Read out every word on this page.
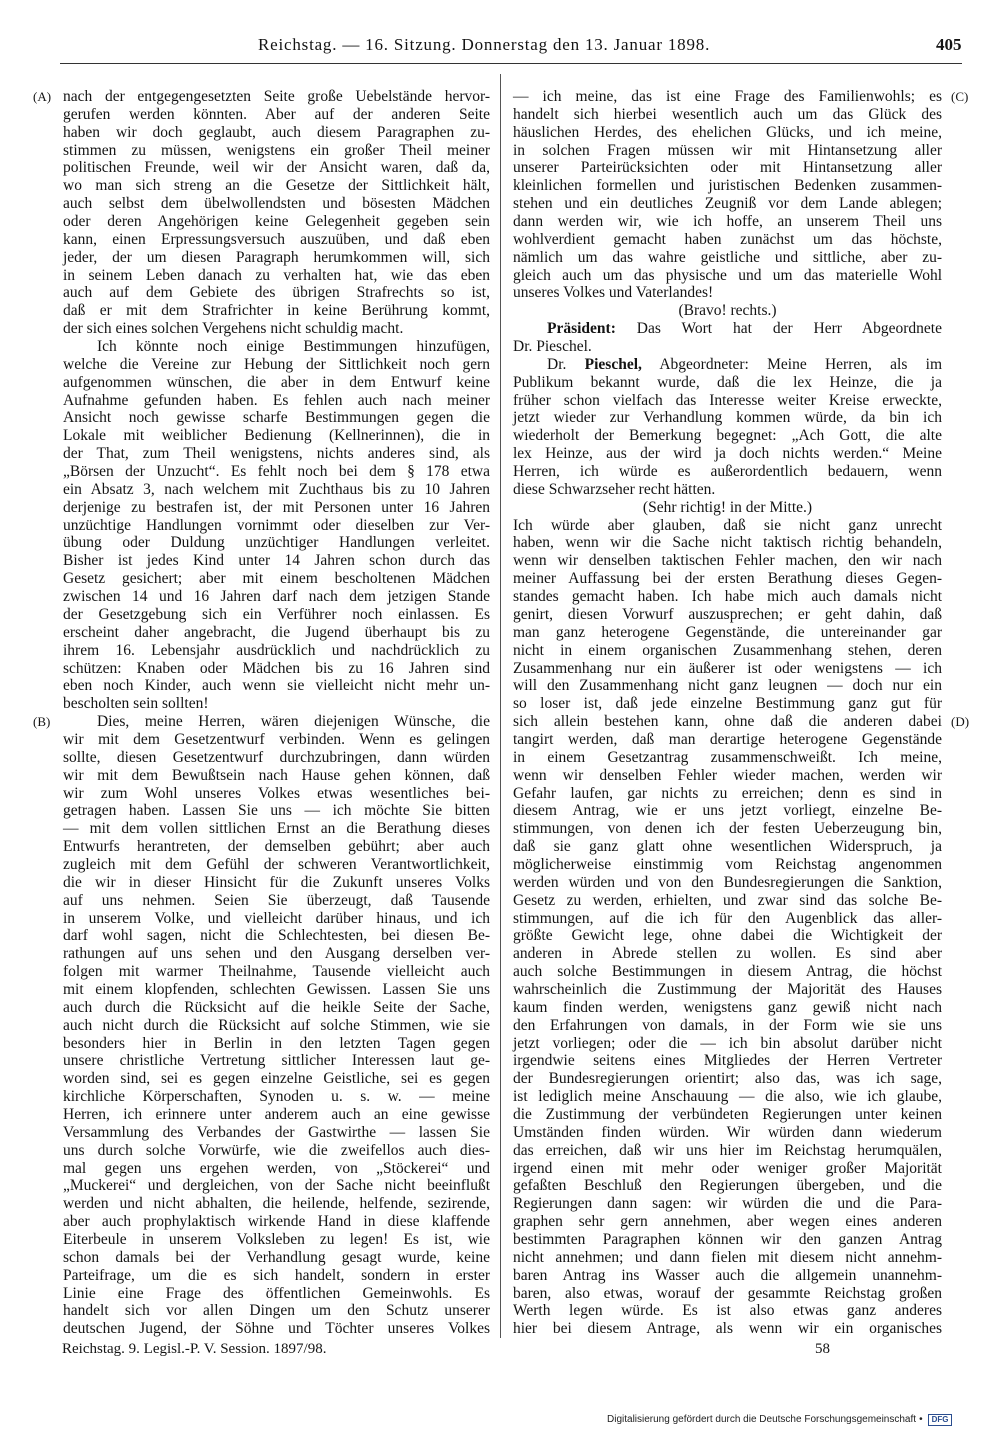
Reichstag. — 16. Sitzung. Donnerstag den 13. Januar 1898.	405
(A)
(B)
(C)
(D)
nach der entgegengesetzten Seite große Uebelstände hervor-
gerufen werden könnten. Aber auf der anderen Seite
haben wir doch geglaubt, auch diesem Paragraphen zu-
stimmen zu müssen, wenigstens ein großer Theil meiner
politischen Freunde, weil wir der Ansicht waren, daß da,
wo man sich streng an die Gesetze der Sittlichkeit hält,
auch selbst dem übelwollendsten und bösesten Mädchen
oder deren Angehörigen keine Gelegenheit gegeben sein
kann, einen Erpressungsversuch auszuüben, und daß eben
jeder, der um diesen Paragraph herumkommen will, sich
in seinem Leben danach zu verhalten hat, wie das eben
auch auf dem Gebiete des übrigen Strafrechts so ist,
daß er mit dem Strafrichter in keine Berührung kommt,
der sich eines solchen Vergehens nicht schuldig macht.
Ich könnte noch einige Bestimmungen hinzufügen,
welche die Vereine zur Hebung der Sittlichkeit noch gern
aufgenommen wünschen, die aber in dem Entwurf keine
Aufnahme gefunden haben. Es fehlen auch nach meiner
Ansicht noch gewisse scharfe Bestimmungen gegen die
Lokale mit weiblicher Bedienung (Kellnerinnen), die in
der That, zum Theil wenigstens, nichts anderes sind, als
„Börsen der Unzucht“. Es fehlt noch bei dem § 178 etwa
ein Absatz 3, nach welchem mit Zuchthaus bis zu 10 Jahren
derjenige zu bestrafen ist, der mit Personen unter 16 Jahren
unzüchtige Handlungen vornimmt oder dieselben zur Ver-
übung oder Duldung unzüchtiger Handlungen verleitet.
Bisher ist jedes Kind unter 14 Jahren schon durch das
Gesetz gesichert; aber mit einem bescholtenen Mädchen
zwischen 14 und 16 Jahren darf nach dem jetzigen Stande
der Gesetzgebung sich ein Verführer noch einlassen. Es
erscheint daher angebracht, die Jugend überhaupt bis zu
ihrem 16. Lebensjahr ausdrücklich und nachdrücklich zu
schützen: Knaben oder Mädchen bis zu 16 Jahren sind
eben noch Kinder, auch wenn sie vielleicht nicht mehr un-
bescholten sein sollten!
Dies, meine Herren, wären diejenigen Wünsche, die
wir mit dem Gesetzentwurf verbinden. Wenn es gelingen
sollte, diesen Gesetzentwurf durchzubringen, dann würden
wir mit dem Bewußtsein nach Hause gehen können, daß
wir zum Wohl unseres Volkes etwas wesentliches bei-
getragen haben. Lassen Sie uns — ich möchte Sie bitten
— mit dem vollen sittlichen Ernst an die Berathung dieses
Entwurfs herantreten, der demselben gebührt; aber auch
zugleich mit dem Gefühl der schweren Verantwortlichkeit,
die wir in dieser Hinsicht für die Zukunft unseres Volks
auf uns nehmen. Seien Sie überzeugt, daß Tausende
in unserem Volke, und vielleicht darüber hinaus, und ich
darf wohl sagen, nicht die Schlechtesten, bei diesen Be-
rathungen auf uns sehen und den Ausgang derselben ver-
folgen mit warmer Theilnahme, Tausende vielleicht auch
mit einem klopfenden, schlechten Gewissen. Lassen Sie uns
auch durch die Rücksicht auf die heikle Seite der Sache,
auch nicht durch die Rücksicht auf solche Stimmen, wie sie
besonders hier in Berlin in den letzten Tagen gegen
unsere christliche Vertretung sittlicher Interessen laut ge-
worden sind, sei es gegen einzelne Geistliche, sei es gegen
kirchliche Körperschaften, Synoden u. s. w. — meine
Herren, ich erinnere unter anderem auch an eine gewisse
Versammlung des Verbandes der Gastwirthe — lassen Sie
uns durch solche Vorwürfe, wie die zweifellos auch dies-
mal gegen uns ergehen werden, von „Stöckerei“ und
„Muckerei“ und dergleichen, von der Sache nicht beeinflußt
werden und nicht abhalten, die heilende, helfende, sezirende,
aber auch prophylaktisch wirkende Hand in diese klaffende
Eiterbeule in unserem Volksleben zu legen! Es ist, wie
schon damals bei der Verhandlung gesagt wurde, keine
Parteifrage, um die es sich handelt, sondern in erster
Linie eine Frage des öffentlichen Gemeinwohls. Es
handelt sich vor allen Dingen um den Schutz unserer
deutschen Jugend, der Söhne und Töchter unseres Volkes
— ich meine, das ist eine Frage des Familienwohls; es
handelt sich hierbei wesentlich auch um das Glück des
häuslichen Herdes, des ehelichen Glücks, und ich meine,
in solchen Fragen müssen wir mit Hintansetzung aller
unserer Parteirücksichten oder mit Hintansetzung aller
kleinlichen formellen und juristischen Bedenken zusammen-
stehen und ein deutliches Zeugniß vor dem Lande ablegen;
dann werden wir, wie ich hoffe, an unserem Theil uns
wohlverdient gemacht haben zunächst um das höchste,
nämlich um das wahre geistliche und sittliche, aber zu-
gleich auch um das physische und um das materielle Wohl
unseres Volkes und Vaterlandes!
(Bravo! rechts.)
Präsident: Das Wort hat der Herr Abgeordnete
Dr. Pieschel.
Dr. Pieschel, Abgeordneter: Meine Herren, als im
Publikum bekannt wurde, daß die lex Heinze, die ja
früher schon vielfach das Interesse weiter Kreise erweckte,
jetzt wieder zur Verhandlung kommen würde, da bin ich
wiederholt der Bemerkung begegnet: „Ach Gott, die alte
lex Heinze, aus der wird ja doch nichts werden.“ Meine
Herren, ich würde es außerordentlich bedauern, wenn
diese Schwarzseher recht hätten.
(Sehr richtig! in der Mitte.)
Ich würde aber glauben, daß sie nicht ganz unrecht
haben, wenn wir die Sache nicht taktisch richtig behandeln,
wenn wir denselben taktischen Fehler machen, den wir nach
meiner Auffassung bei der ersten Berathung dieses Gegen-
standes gemacht haben. Ich habe mich auch damals nicht
genirt, diesen Vorwurf auszusprechen; er geht dahin, daß
man ganz heterogene Gegenstände, die untereinander gar
nicht in einem organischen Zusammenhang stehen, deren
Zusammenhang nur ein äußerer ist oder wenigstens — ich
will den Zusammenhang nicht ganz leugnen — doch nur ein
so loser ist, daß jede einzelne Bestimmung ganz gut für
sich allein bestehen kann, ohne daß die anderen dabei
tangirt werden, daß man derartige heterogene Gegenstände
in einem Gesetzantrag zusammenschweißt. Ich meine,
wenn wir denselben Fehler wieder machen, werden wir
Gefahr laufen, gar nichts zu erreichen; denn es sind in
diesem Antrag, wie er uns jetzt vorliegt, einzelne Be-
stimmungen, von denen ich der festen Ueberzeugung bin,
daß sie ganz glatt ohne wesentlichen Widerspruch, ja
möglicherweise einstimmig vom Reichstag angenommen
werden würden und von den Bundesregierungen die Sanktion,
Gesetz zu werden, erhielten, und zwar sind das solche Be-
stimmungen, auf die ich für den Augenblick das aller-
größte Gewicht lege, ohne dabei die Wichtigkeit der
anderen in Abrede stellen zu wollen. Es sind aber
auch solche Bestimmungen in diesem Antrag, die höchst
wahrscheinlich die Zustimmung der Majorität des Hauses
kaum finden werden, wenigstens ganz gewiß nicht nach
den Erfahrungen von damals, in der Form wie sie uns
jetzt vorliegen; oder die — ich bin absolut darüber nicht
irgendwie seitens eines Mitgliedes der Herren Vertreter
der Bundesregierungen orientirt; also das, was ich sage,
ist lediglich meine Anschauung — die also, wie ich glaube,
die Zustimmung der verbündeten Regierungen unter keinen
Umständen finden würden. Wir würden dann wiederum
das erreichen, daß wir uns hier im Reichstag herumquälen,
irgend einen mit mehr oder weniger großer Majorität
gefaßten Beschluß den Regierungen übergeben, und die
Regierungen dann sagen: wir würden die und die Para-
graphen sehr gern annehmen, aber wegen eines anderen
bestimmten Paragraphen können wir den ganzen Antrag
nicht annehmen; und dann fielen mit diesem nicht annehm-
baren Antrag ins Wasser auch die allgemein unannehm-
baren, also etwas, worauf der gesammte Reichstag großen
Werth legen würde. Es ist also etwas ganz anderes
hier bei diesem Antrage, als wenn wir ein organisches
Reichstag. 9. Legisl.-P. V. Session. 1897/98.	58
Digitalisierung gefördert durch die Deutsche Forschungsgemeinschaft •	DFG
